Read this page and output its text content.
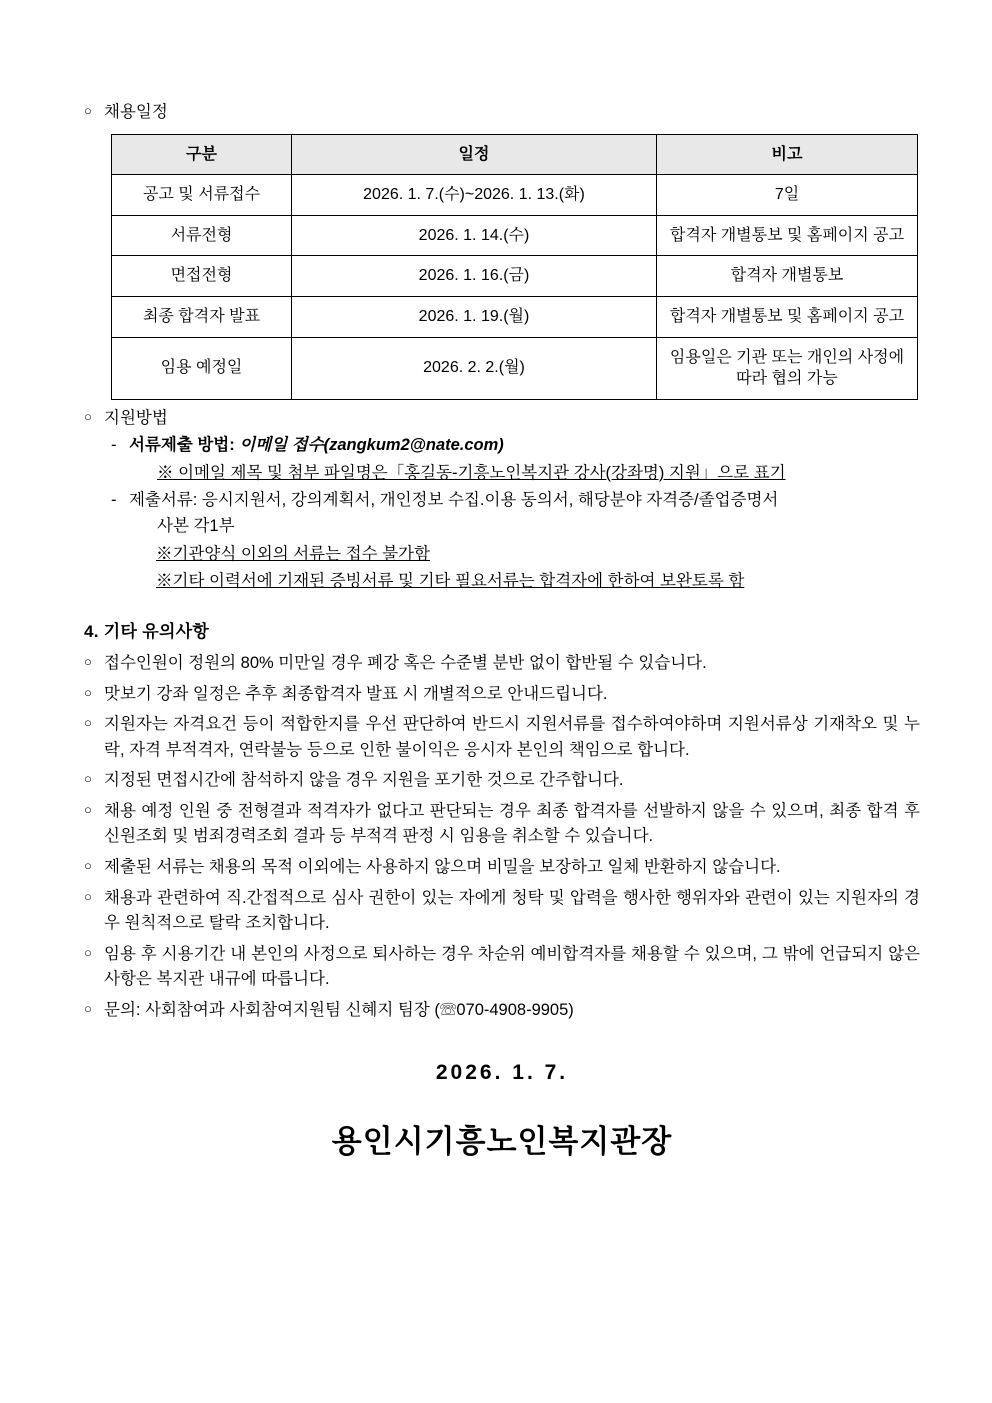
○ 채용일정
구분	일정	비고
공고 및 서류접수	2026. 1. 7.(수)~2026. 1. 13.(화)	7일
서류전형	2026. 1. 14.(수)	합격자 개별통보 및 홈페이지 공고
면접전형	2026. 1. 16.(금)	합격자 개별통보
최종 합격자 발표	2026. 1. 19.(월)	합격자 개별통보 및 홈페이지 공고
임용 예정일	2026. 2. 2.(월)	임용일은 기관 또는 개인의 사정에 따라 협의 가능
○ 지원방법
- 서류제출 방법: 이메일 접수(zangkum2@nate.com)
※ 이메일 제목 및 첨부 파일명은「홍길동-기흥노인복지관 강사(강좌명) 지원」으로 표기
- 제출서류: 응시지원서, 강의계획서, 개인정보 수집.이용 동의서, 해당분야 자격증/졸업증명서
사본 각1부
※기관양식 이외의 서류는 접수 불가함
※기타 이력서에 기재된 증빙서류 및 기타 필요서류는 합격자에 한하여 보완토록 함
4. 기타 유의사항
○ 접수인원이 정원의 80% 미만일 경우 폐강 혹은 수준별 분반 없이 합반될 수 있습니다.
○ 맛보기 강좌 일정은 추후 최종합격자 발표 시 개별적으로 안내드립니다.
○ 지원자는 자격요건 등이 적합한지를 우선 판단하여 반드시 지원서류를 접수하여야하며 지원서류상 기재착오 및 누락, 자격 부적격자, 연락불능 등으로 인한 불이익은 응시자 본인의 책임으로 합니다.
○ 지정된 면접시간에 참석하지 않을 경우 지원을 포기한 것으로 간주합니다.
○ 채용 예정 인원 중 전형결과 적격자가 없다고 판단되는 경우 최종 합격자를 선발하지 않을 수 있으며, 최종 합격 후 신원조회 및 범죄경력조회 결과 등 부적격 판정 시 임용을 취소할 수 있습니다.
○ 제출된 서류는 채용의 목적 이외에는 사용하지 않으며 비밀을 보장하고 일체 반환하지 않습니다.
○ 채용과 관련하여 직.간접적으로 심사 권한이 있는 자에게 청탁 및 압력을 행사한 행위자와 관련이 있는 지원자의 경우 원칙적으로 탈락 조치합니다.
○ 임용 후 시용기간 내 본인의 사정으로 퇴사하는 경우 차순위 예비합격자를 채용할 수 있으며, 그 밖에 언급되지 않은 사항은 복지관 내규에 따릅니다.
○ 문의: 사회참여과 사회참여지원팀 신혜지 팀장 (☏070-4908-9905)
2026. 1. 7.
용인시기흥노인복지관장
